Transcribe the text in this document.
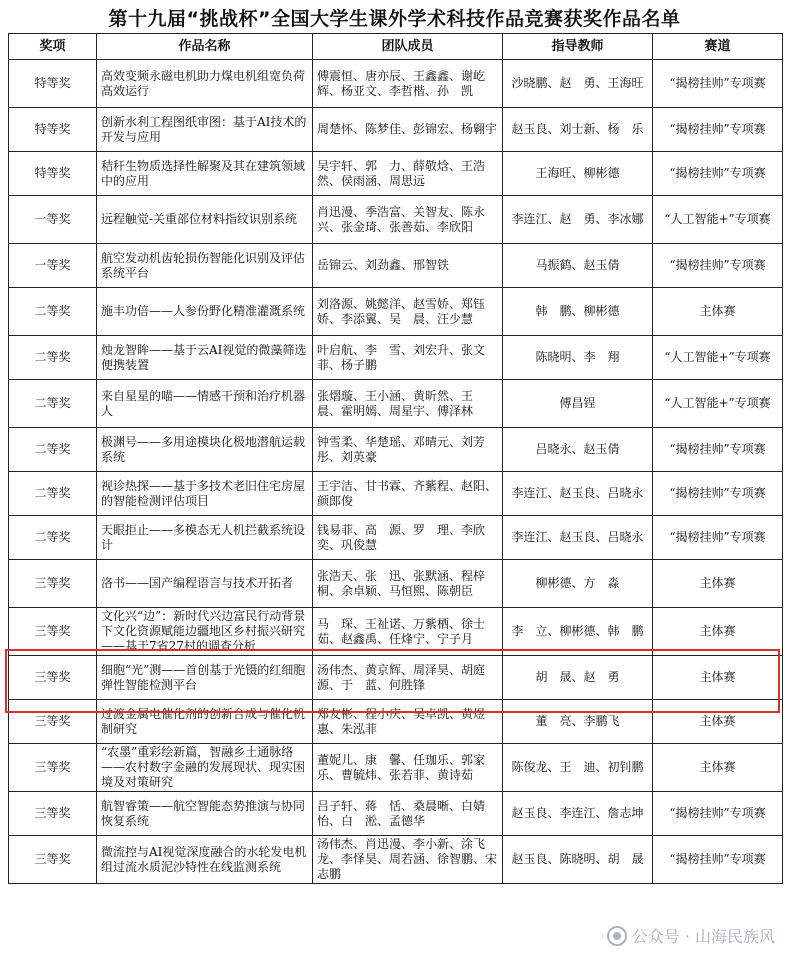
第十九届“挑战杯”全国大学生课外学术科技作品竞赛获奖作品名单
奖项	作品名称	团队成员	指导教师	赛道
特等奖	高效变频永磁电机助力煤电机组宽负荷高效运行	傅震恒、唐亦辰、王鑫鑫、谢屹辉、杨亚文、李哲楷、孙　凯	沙晓鹏、赵　勇、王海旺	“揭榜挂帅”专项赛
特等奖	创新水利工程图纸审图：基于AI技术的开发与应用	周楚怀、陈梦佳、彭锦宏、杨翱宇	赵玉良、刘士新、杨　乐	“揭榜挂帅”专项赛
特等奖	秸秆生物质选择性解聚及其在建筑领域中的应用	吴宇轩、郭　力、薛敬焓、王浩然、侯雨涵、周思远	王海旺、柳彬德	“揭榜挂帅”专项赛
一等奖	远程触觉-关重部位材料指纹识别系统	肖迅漫、季浩富、关智友、陈永兴、张金琦、张善茹、李欣阳	李连江、赵　勇、李冰娜	“人工智能+”专项赛
一等奖	航空发动机齿轮损伤智能化识别及评估系统平台	岳锦云、刘劲鑫、邢智铁	马振鹤、赵玉倩	“揭榜挂帅”专项赛
二等奖	施丰功倍——人参份野化精准灌溉系统	刘洛源、姚懿洋、赵雪娇、郑钰娇、李添翼、吴　晨、汪少慧	韩　鹏、柳彬德	主体赛
二等奖	烛龙智眸——基于云AI视觉的微藻筛选便携装置	叶启航、李　雪、刘宏升、张文菲、杨子鹏	陈晓明、李　翔	“人工智能+”专项赛
二等奖	来自星星的喵——情感干预和治疗机器人	张熠璇、王小涵、黄昕然、王　晨、霍明嫣、周星宇、傅泽林	傅昌锃	“人工智能+”专项赛
二等奖	极渊号——多用途模块化极地潜航运载系统	钟雪柔、华楚瑶、邓晴元、刘芳彤、刘英豪	吕晓永、赵玉倩	“揭榜挂帅”专项赛
二等奖	视诊热探——基于多技术老旧住宅房屋的智能检测评估项目	王宇洁、甘书霖、齐紫程、赵阳、颜郎俊	李连江、赵玉良、吕晓永	“揭榜挂帅”专项赛
二等奖	天眼拒止——多模态无人机拦截系统设计	钱易菲、高　源、罗　理、李欣奕、巩俊慧	李连江、赵玉良、吕晓永	“揭榜挂帅”专项赛
三等奖	洛书——国产编程语言与技术开拓者	张浩天、张　迅、张默涵、程梓桐、余卓颖、马恒熙、陈朝臣	柳彬德、方　淼	主体赛
三等奖	文化兴“边”：新时代兴边富民行动背景下文化资源赋能边疆地区乡村振兴研究——基于7省27村的调查分析	马　琛、王祉诺、万紫栖、徐士茹、赵鑫禹、任烽宁、宁子月	李　立、柳彬德、韩　鹏	主体赛
三等奖	细胞“光”测——首创基于光镊的红细胞弹性智能检测平台	汤伟杰、黄京辉、周泽昊、胡庭源、于　蓝、何胜锋	胡　晟、赵　勇	主体赛
三等奖	过渡金属电催化剂的创新合成与催化机制研究	郑友彬、程小庆、吴卓凯、黄煜惠、朱泓菲	董　亮、李鹏飞	主体赛
三等奖	“农墨”重彩绘新篇，智融乡土通脉络——农村数字金融的发展现状、现实困境及对策研究	董妮儿、康　馨、任珈乐、郭家乐、曹毓炜、张若菲、黄诗茹	陈俊龙、王　迪、初钊鹏	主体赛
三等奖	航智睿策——航空智能态势推演与协同恢复系统	吕子轩、蒋　恬、桑晨晰、白婧怡、白　淞、孟德华	赵玉良、李连江、詹志坤	“揭榜挂帅”专项赛
三等奖	微流控与AI视觉深度融合的水轮发电机组过流水质泥沙特性在线监测系统	汤伟杰、肖迅漫、李小新、涂飞龙、李怿昊、周若涵、徐智鹏、宋志鹏	赵玉良、陈晓明、胡　晟	“揭榜挂帅”专项赛
公众号 · 山海民族风
